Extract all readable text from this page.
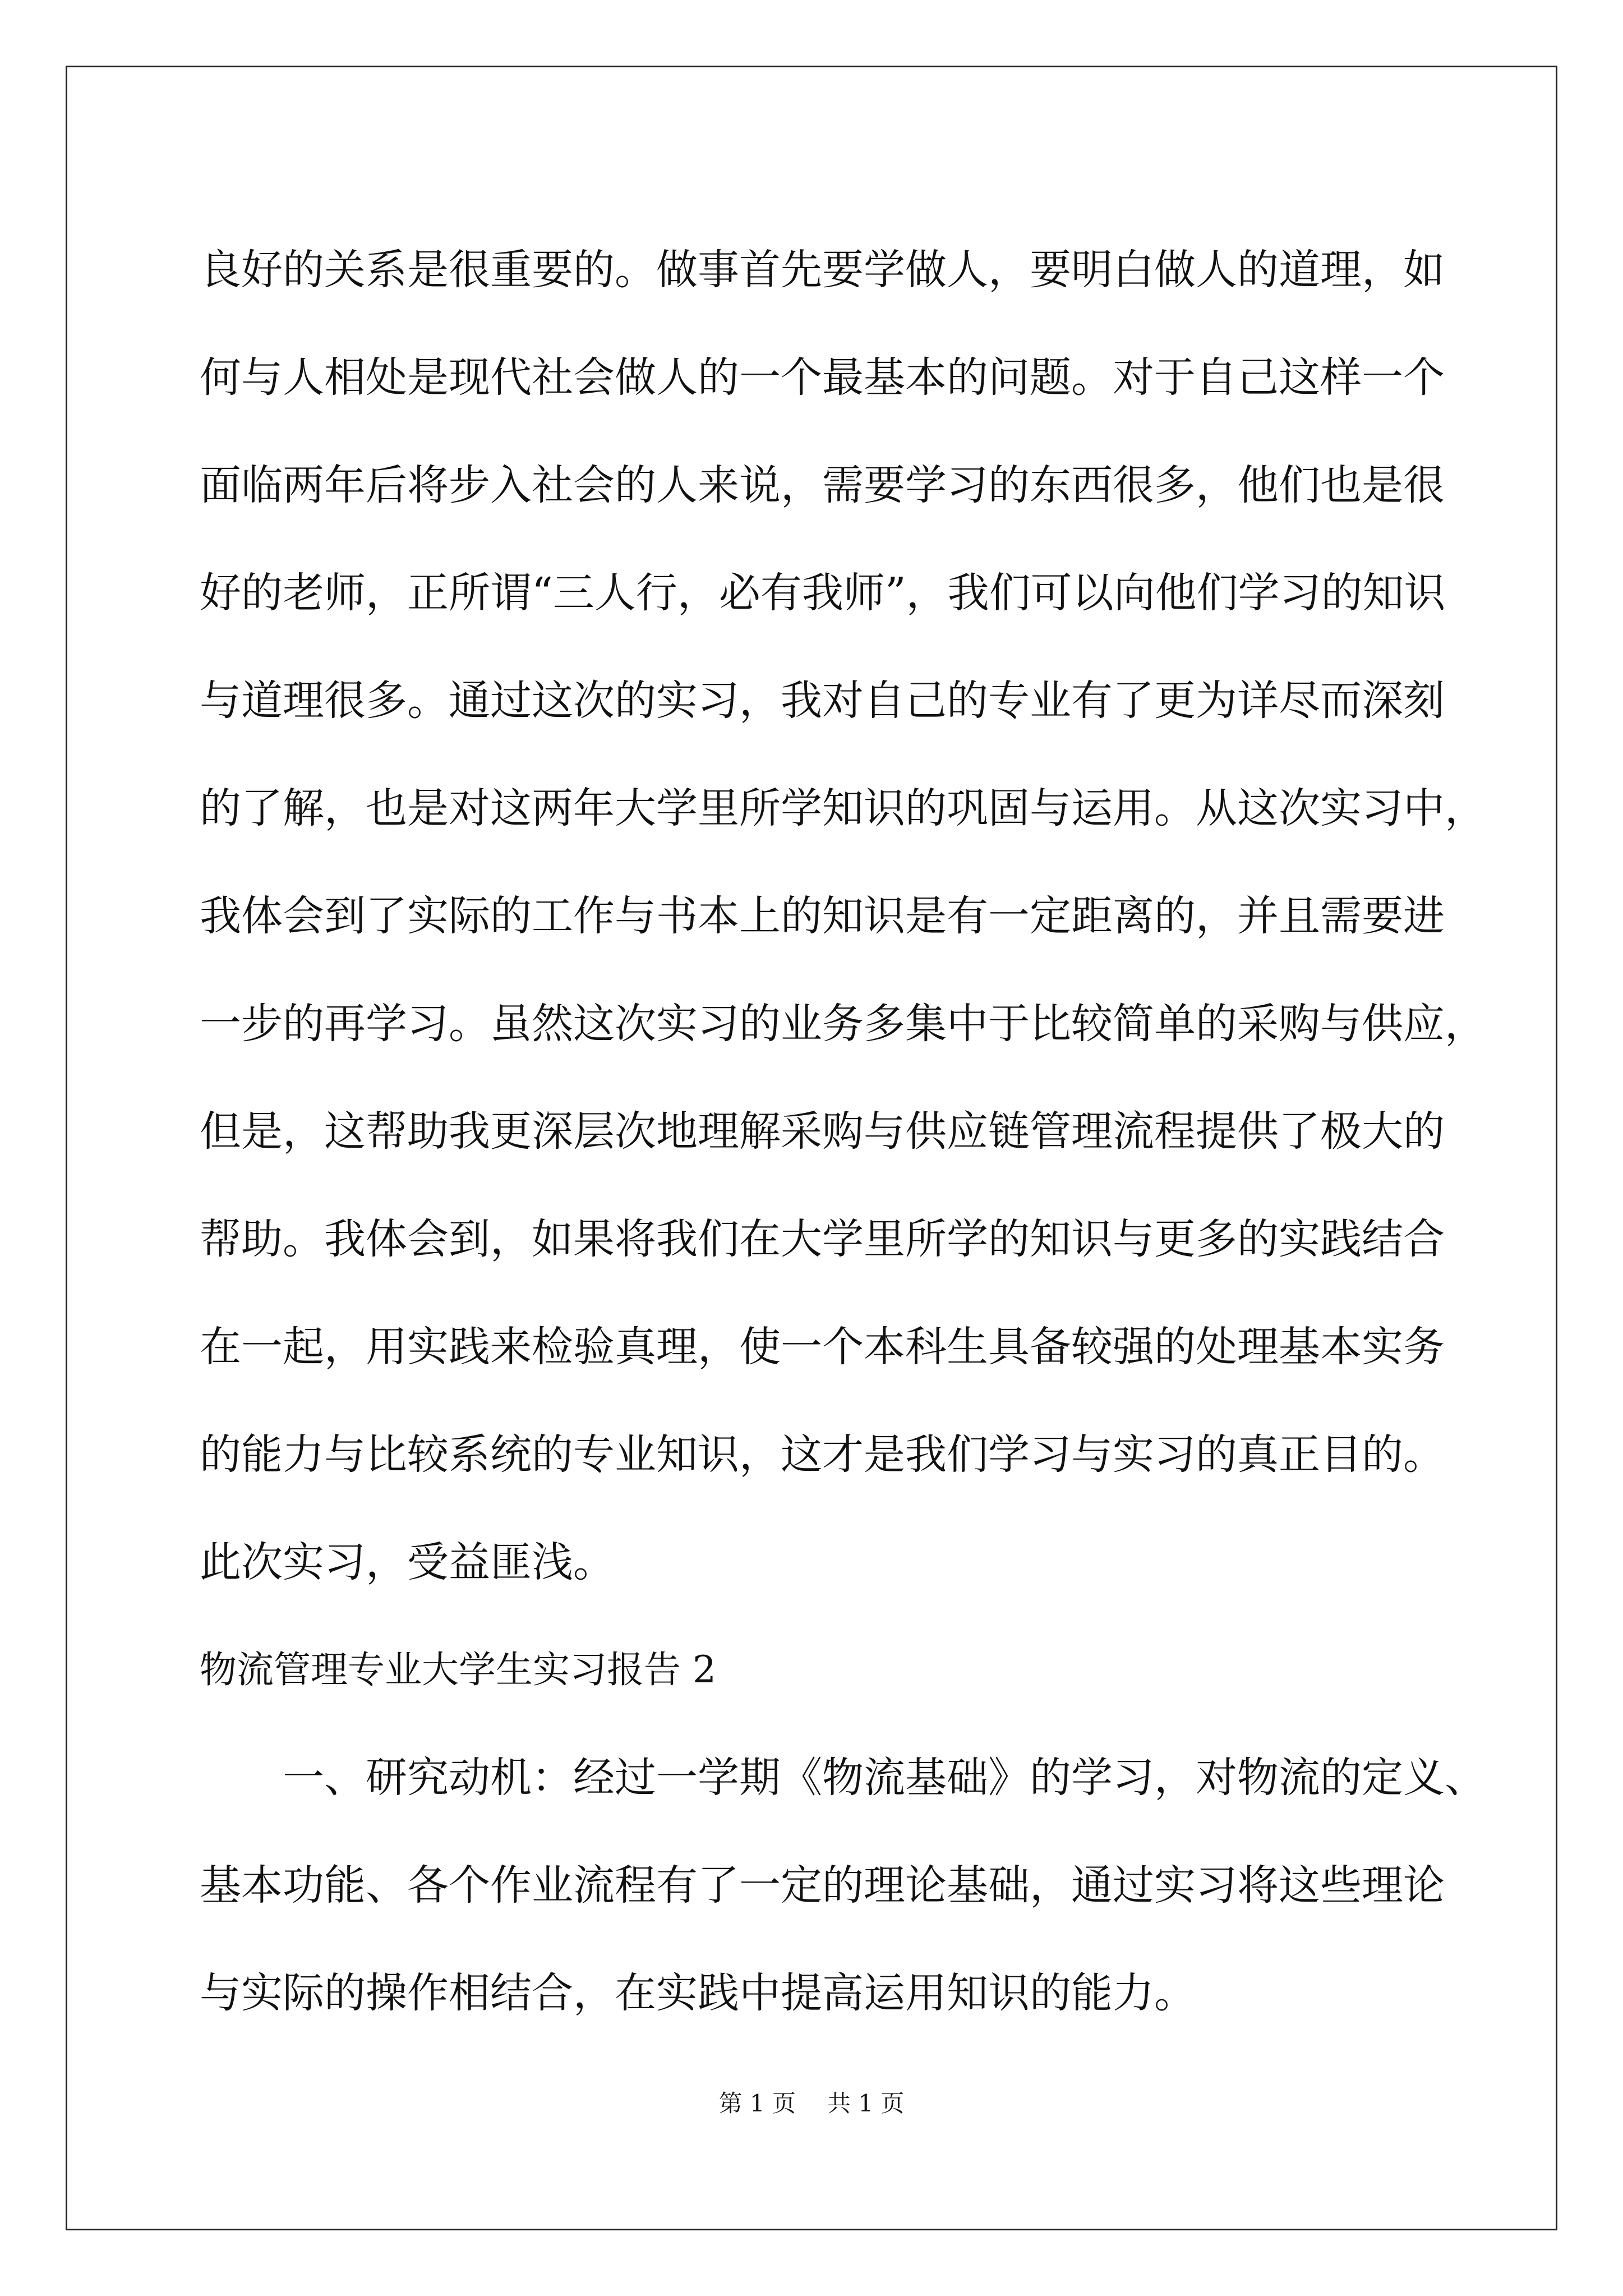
良好的关系是很重要的。做事首先要学做人，要明白做人的道理，如
何与人相处是现代社会做人的一个最基本的问题。对于自己这样一个
面临两年后将步入社会的人来说，需要学习的东西很多，他们也是很
好的老师，正所谓“三人行，必有我师”，我们可以向他们学习的知识
与道理很多。通过这次的实习，我对自己的专业有了更为详尽而深刻
的了解，也是对这两年大学里所学知识的巩固与运用。从这次实习中，
我体会到了实际的工作与书本上的知识是有一定距离的，并且需要进
一步的再学习。虽然这次实习的业务多集中于比较简单的采购与供应，
但是，这帮助我更深层次地理解采购与供应链管理流程提供了极大的
帮助。我体会到，如果将我们在大学里所学的知识与更多的实践结合
在一起，用实践来检验真理，使一个本科生具备较强的处理基本实务
的能力与比较系统的专业知识，这才是我们学习与实习的真正目的。
此次实习，受益匪浅。
物流管理专业大学生实习报告 2
一、研究动机：经过一学期《物流基础》的学习，对物流的定义、
基本功能、各个作业流程有了一定的理论基础，通过实习将这些理论
与实际的操作相结合，在实践中提高运用知识的能力。
第 1 页 共 1 页
